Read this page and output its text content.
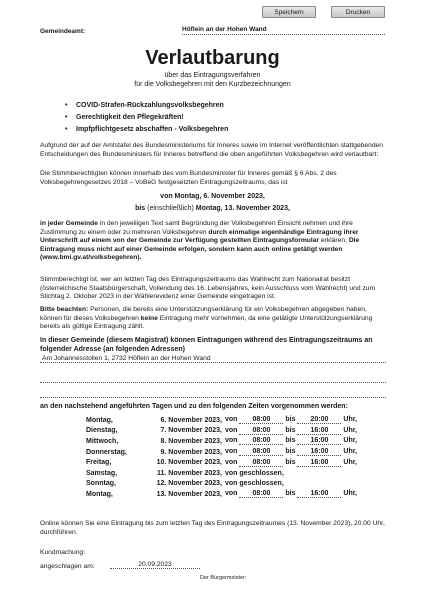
Speichern	Drucken
Gemeindeamt:	Höflein an der Hohen Wand
Verlautbarung
über das Eintragungsverfahren
für die Volksbegehren mit den Kurzbezeichnungen
• COVID-Strafen-Rückzahlungsvolksbegehren
• Gerechtigkeit den Pflegekräften!
• Impfpflichtgesetz abschaffen - Volksbegehren
Aufgrund der auf der Amtstafel des Bundesministeriums für Inneres sowie im Internet veröffentlichten stattgebenden Entscheidungen des Bundesministers für Inneres betreffend die oben angeführten Volksbegehren wird verlautbart:
Die Stimmberechtigten können innerhalb des vom Bundesminister für Inneres gemäß § 6 Abs. 2 des Volksbegehrengesetzes 2018 – VoBeG festgesetzten Eintragungszeitraums, das ist
von Montag, 6. November 2023,
bis (einschließlich) Montag, 13. November 2023,
in jeder Gemeinde in den jeweiligen Text samt Begründung der Volksbegehren Einsicht nehmen und ihre Zustimmung zu einem oder zu mehreren Volksbegehren durch einmalige eigenhändige Eintragung ihrer Unterschrift auf einem von der Gemeinde zur Verfügung gestellten Eintragungsformular erklären. Die Eintragung muss nicht auf einer Gemeinde erfolgen, sondern kann auch online getätigt werden (www.bmi.gv.at/volksbegehren).
Stimmberechtigt ist, wer am letzten Tag des Eintragungszeitraums das Wahlrecht zum Nationalrat besitzt (österreichische Staatsbürgerschaft, Vollendung des 16. Lebensjahres, kein Ausschluss vom Wahlrecht) und zum Stichtag 2. Oktober 2023 in der Wählerevidenz einer Gemeinde eingetragen ist.
Bitte beachten: Personen, die bereits eine Unterstützungserklärung für ein Volksbegehren abgegeben haben, können für dieses Volksbegehren keine Eintragung mehr vornehmen, da eine getätigte Unterstützungserklärung bereits als gültige Eintragung zählt.
In dieser Gemeinde (diesem Magistrat) können Eintragungen während des Eintragungszeitraums an folgender Adresse (an folgenden Adressen)
Am Johannesstollen 1, 2732 Höflein an der Hohen Wand
an den nachstehend angeführten Tagen und zu den folgenden Zeiten vorgenommen werden:
Montag,	6. November 2023,	von 08:00 bis 20:00 Uhr,
Dienstag,	7. November 2023,	von 08:00 bis 16:00 Uhr,
Mittwoch,	8. November 2023,	von 08:00 bis 16:00 Uhr,
Donnerstag,	9. November 2023,	von 08:00 bis 16:00 Uhr,
Freitag,	10. November 2023,	von 08:00 bis 16:00 Uhr,
Samstag,	11. November 2023,	von geschlossen,
Sonntag,	12. November 2023,	von geschlossen,
Montag,	13. November 2023,	von 08:00 bis 16:00 Uhr,
Online können Sie eine Eintragung bis zum letzten Tag des Eintragungszeitraumes (13. November 2023), 20.00 Uhr, durchführen.
Kundmachung:
angeschlagen am:	20.09.2023
Der Bürgermeister:
